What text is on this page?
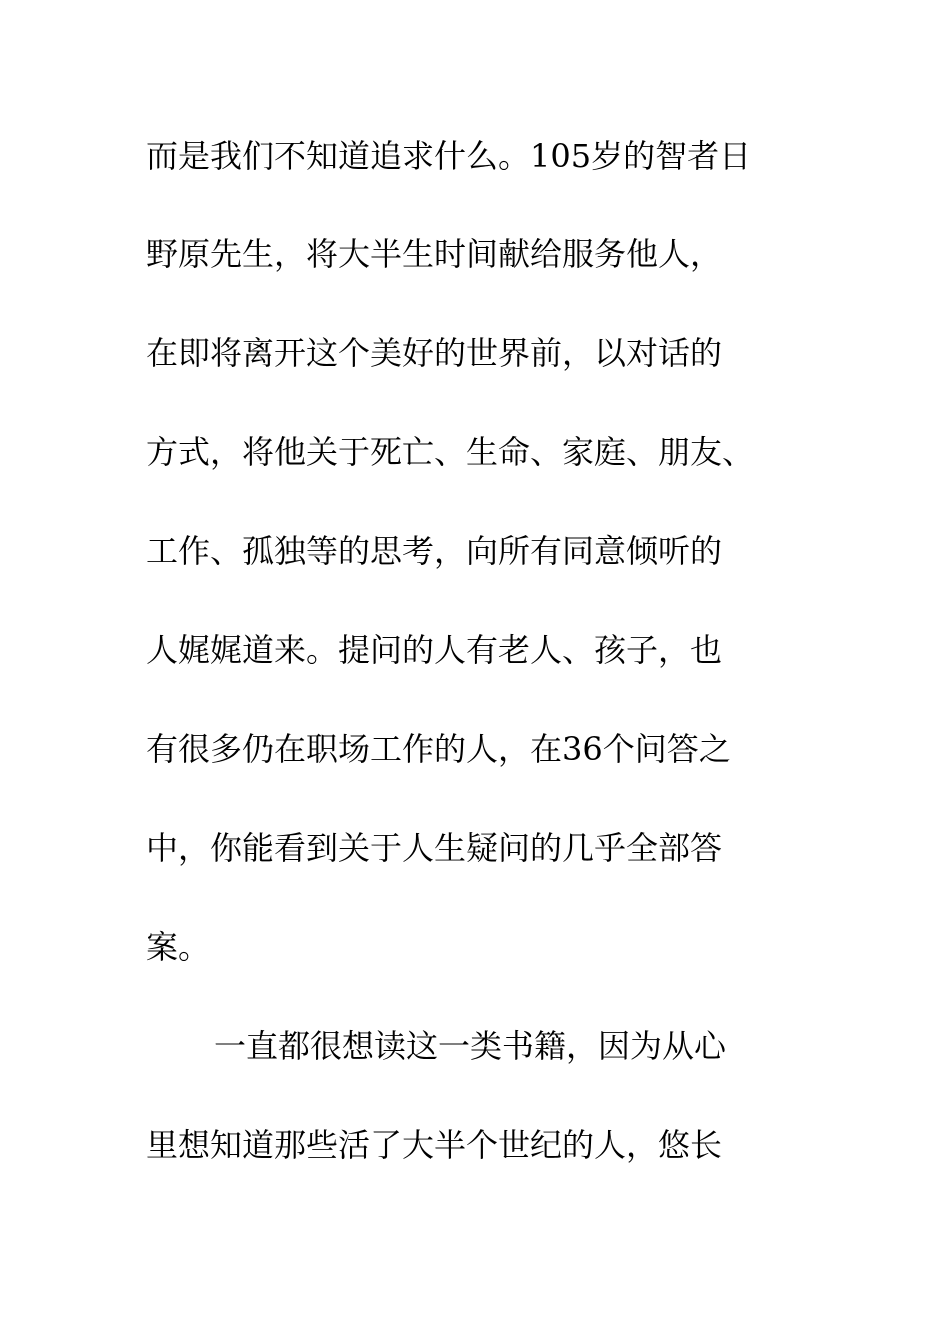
而是我们不知道追求什么。105岁的智者日
野原先生，将大半生时间献给服务他人，
在即将离开这个美好的世界前，以对话的
方式，将他关于死亡、生命、家庭、朋友、
工作、孤独等的思考，向所有同意倾听的
人娓娓道来。提问的人有老人、孩子，也
有很多仍在职场工作的人，在36个问答之
中，你能看到关于人生疑问的几乎全部答
案。
一直都很想读这一类书籍，因为从心
里想知道那些活了大半个世纪的人，悠长
